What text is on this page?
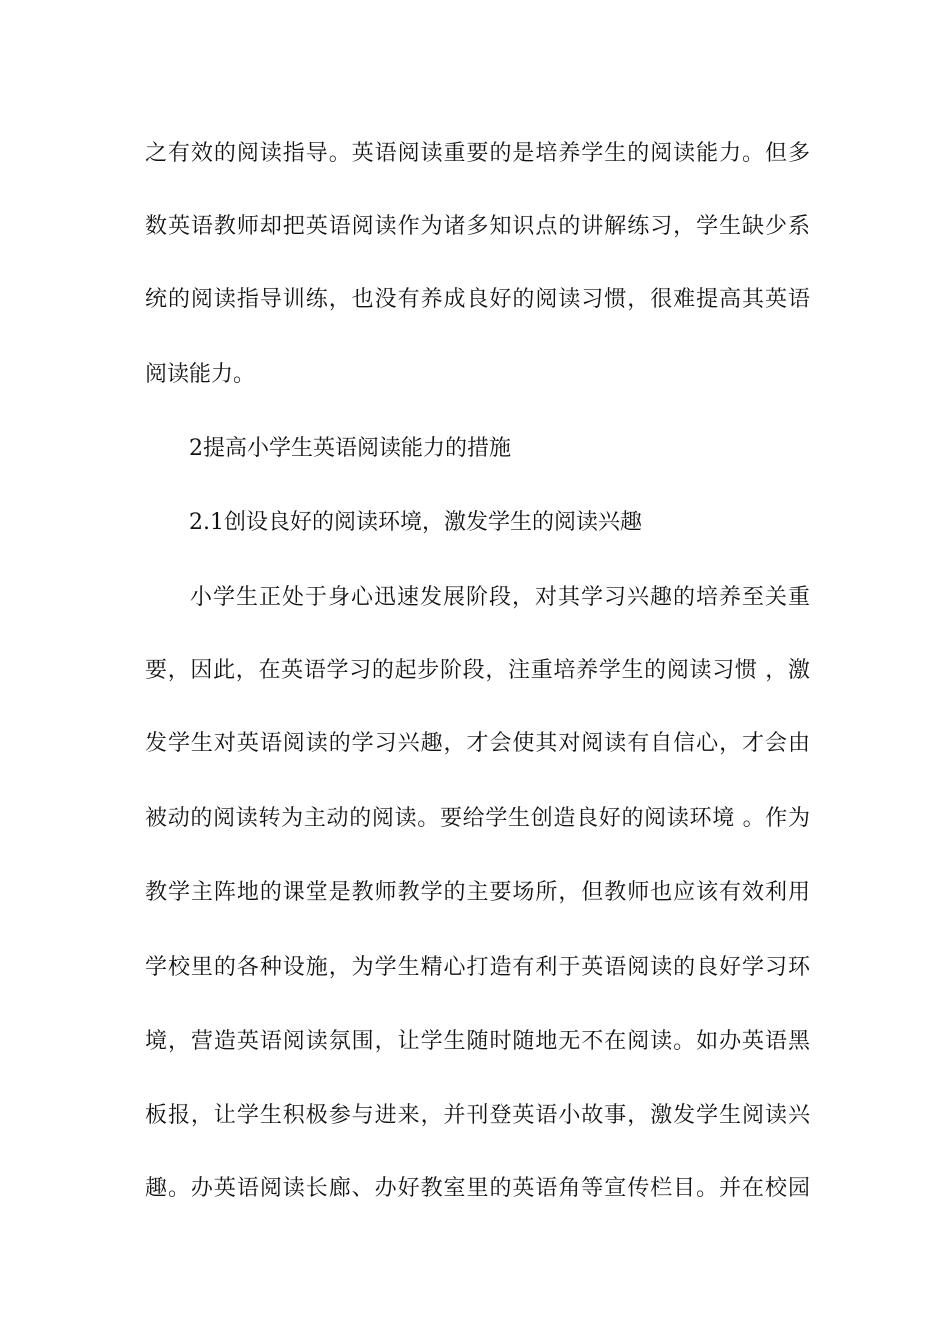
之有效的阅读指导。英语阅读重要的是培养学生的阅读能力。但多
数英语教师却把英语阅读作为诸多知识点的讲解练习，学生缺少系
统的阅读指导训练，也没有养成良好的阅读习惯，很难提高其英语
阅读能力。
2提高小学生英语阅读能力的措施
2.1创设良好的阅读环境，激发学生的阅读兴趣
小学生正处于身心迅速发展阶段，对其学习兴趣的培养至关重
要，因此，在英语学习的起步阶段，注重培养学生的阅读习惯 ，激
发学生对英语阅读的学习兴趣，才会使其对阅读有自信心，才会由
被动的阅读转为主动的阅读。要给学生创造良好的阅读环境 。作为
教学主阵地的课堂是教师教学的主要场所，但教师也应该有效利用
学校里的各种设施，为学生精心打造有利于英语阅读的良好学习环
境，营造英语阅读氛围，让学生随时随地无不在阅读。如办英语黑
板报，让学生积极参与进来，并刊登英语小故事，激发学生阅读兴
趣。办英语阅读长廊、办好教室里的英语角等宣传栏目。并在校园
